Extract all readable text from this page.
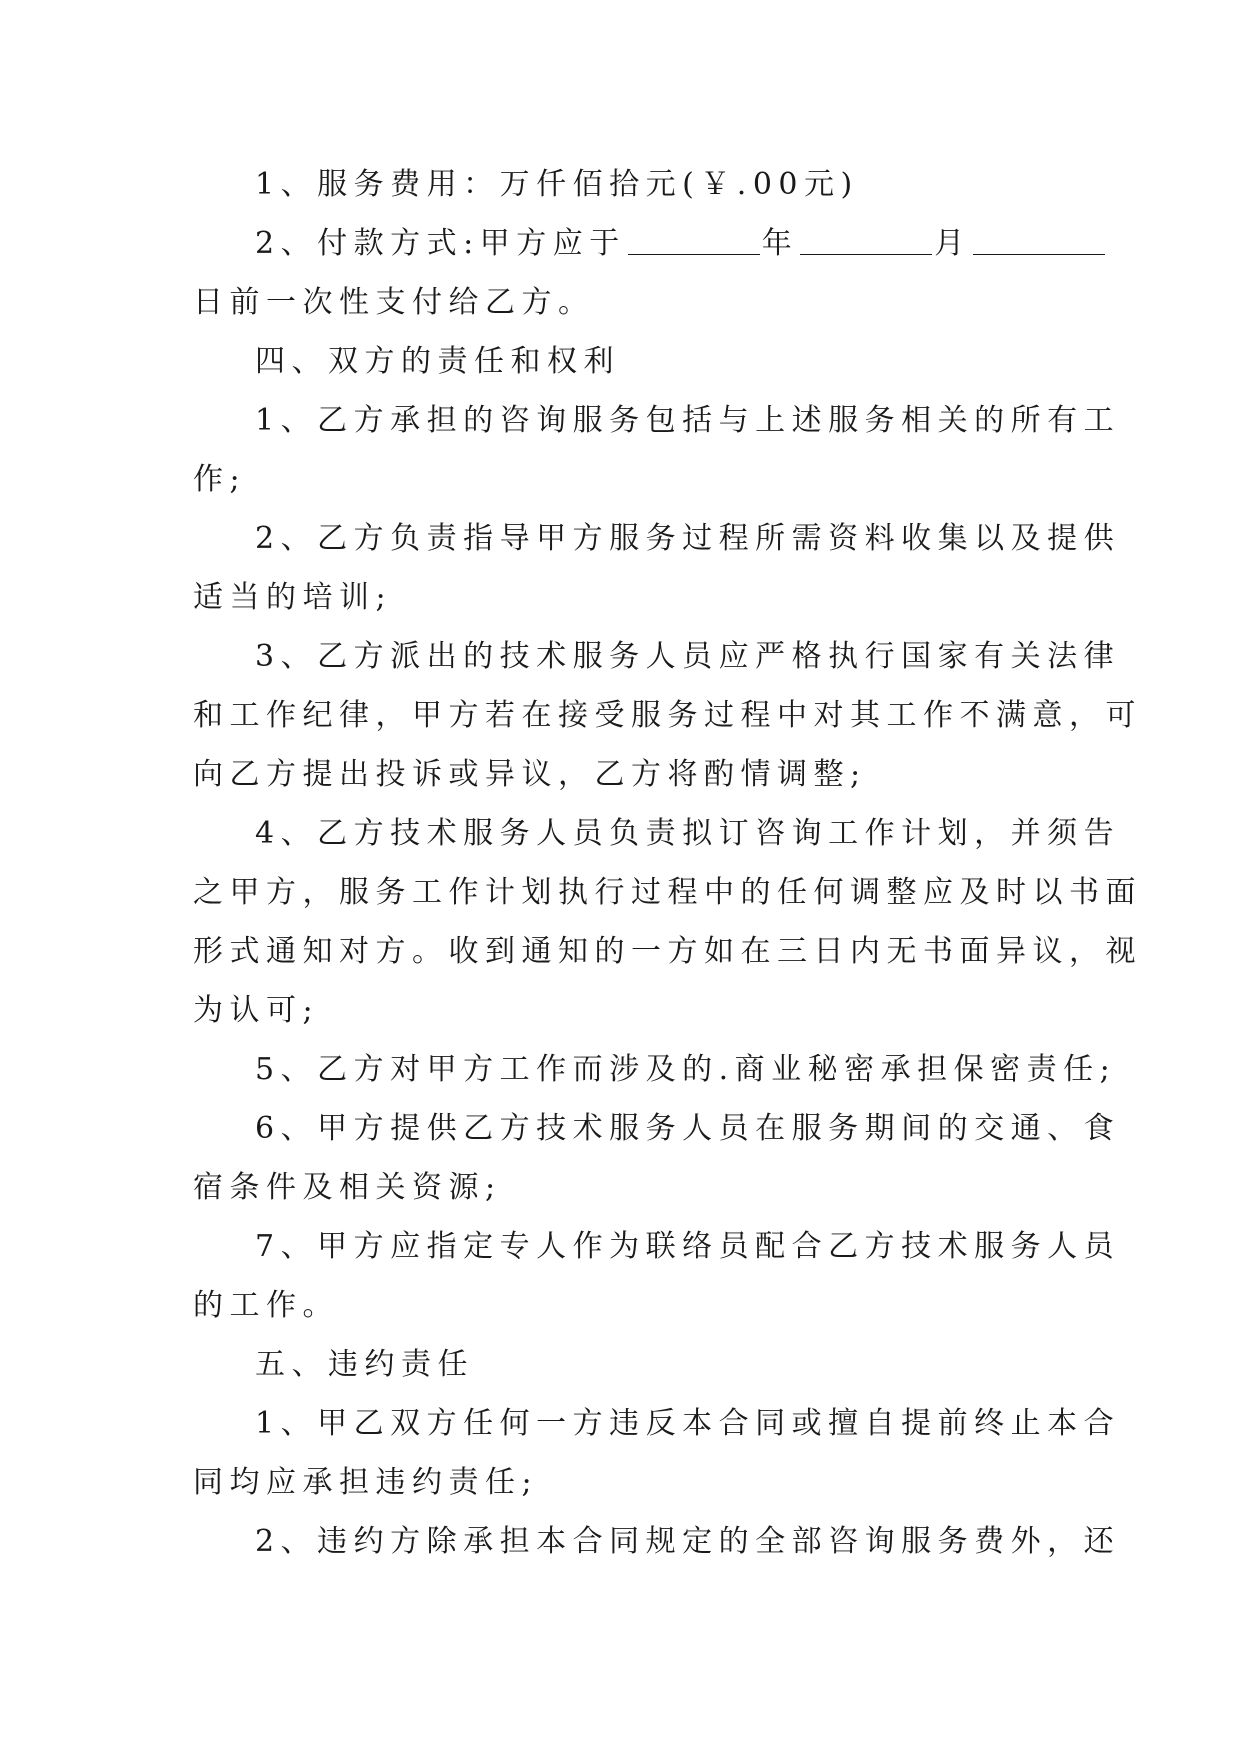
1、服务费用：万仟佰拾元(￥.00元)
2、付款方式:甲方应于	年	月
日前一次性支付给乙方。
四、双方的责任和权利
1、乙方承担的咨询服务包括与上述服务相关的所有工
作;
2、乙方负责指导甲方服务过程所需资料收集以及提供
适当的培训;
3、乙方派出的技术服务人员应严格执行国家有关法律
和工作纪律，甲方若在接受服务过程中对其工作不满意，可
向乙方提出投诉或异议，乙方将酌情调整;
4、乙方技术服务人员负责拟订咨询工作计划，并须告
之甲方，服务工作计划执行过程中的任何调整应及时以书面
形式通知对方。收到通知的一方如在三日内无书面异议，视
为认可;
5、乙方对甲方工作而涉及的.商业秘密承担保密责任;
6、甲方提供乙方技术服务人员在服务期间的交通、食
宿条件及相关资源;
7、甲方应指定专人作为联络员配合乙方技术服务人员
的工作。
五、违约责任
1、甲乙双方任何一方违反本合同或擅自提前终止本合
同均应承担违约责任;
2、违约方除承担本合同规定的全部咨询服务费外，还
